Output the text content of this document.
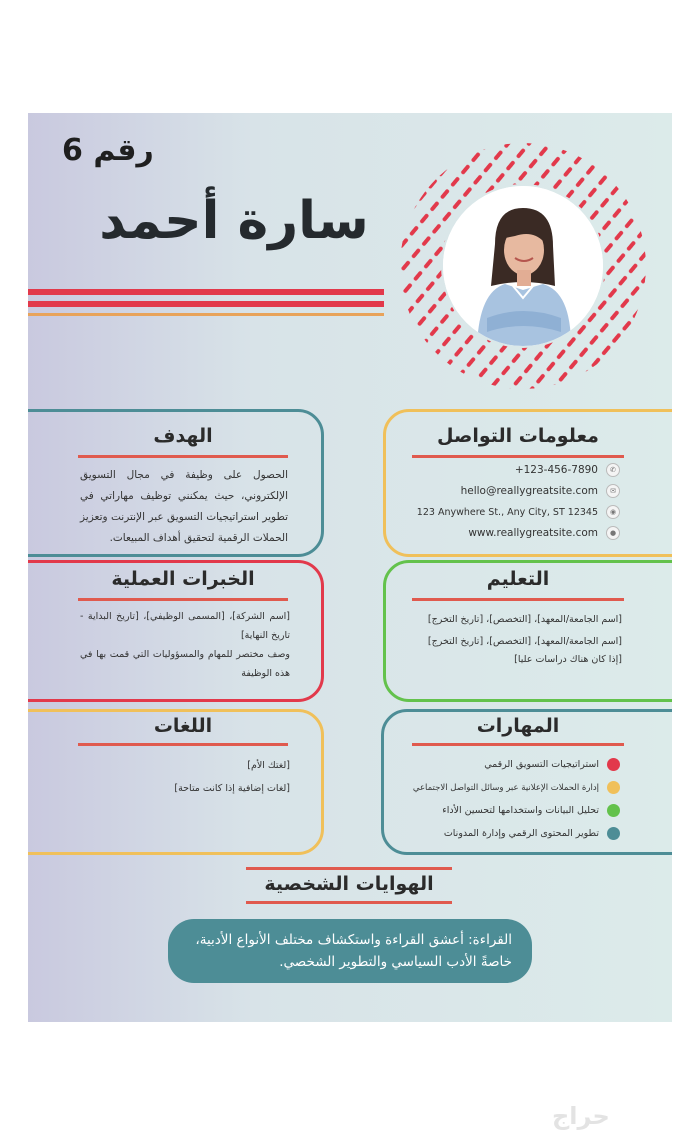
رقم 6
سارة أحمد
معلومات التواصل
✆
+123-456-7890
✉
hello@reallygreatsite.com
◉
123 Anywhere St., Any City, ST 12345
●
www.reallygreatsite.com
الهدف
الحصول على وظيفة في مجال التسويق الإلكتروني، حيث يمكنني توظيف مهاراتي في تطوير استراتيجيات التسويق عبر الإنترنت وتعزيز الحملات الرقمية لتحقيق أهداف المبيعات.
التعليم
[اسم الجامعة/المعهد]، [التخصص]، [تاريخ التخرج]
[اسم الجامعة/المعهد]، [التخصص]، [تاريخ التخرج]
[إذا كان هناك دراسات عليا]
الخبرات العملية
[اسم الشركة]، [المسمى الوظيفي]، [تاريخ البداية - تاريخ النهاية]
وصف مختصر للمهام والمسؤوليات التي قمت بها في هذه الوظيفة
المهارات
استراتيجيات التسويق الرقمي
إدارة الحملات الإعلانية عبر وسائل التواصل الاجتماعي
تحليل البيانات واستخدامها لتحسين الأداء
تطوير المحتوى الرقمي وإدارة المدونات
اللغات
[لغتك الأم]
[لغات إضافية إذا كانت متاحة]
الهوايات الشخصية
القراءة: أعشق القراءة واستكشاف مختلف الأنواع الأدبية، خاصةً الأدب السياسي والتطوير الشخصي.
حراج
